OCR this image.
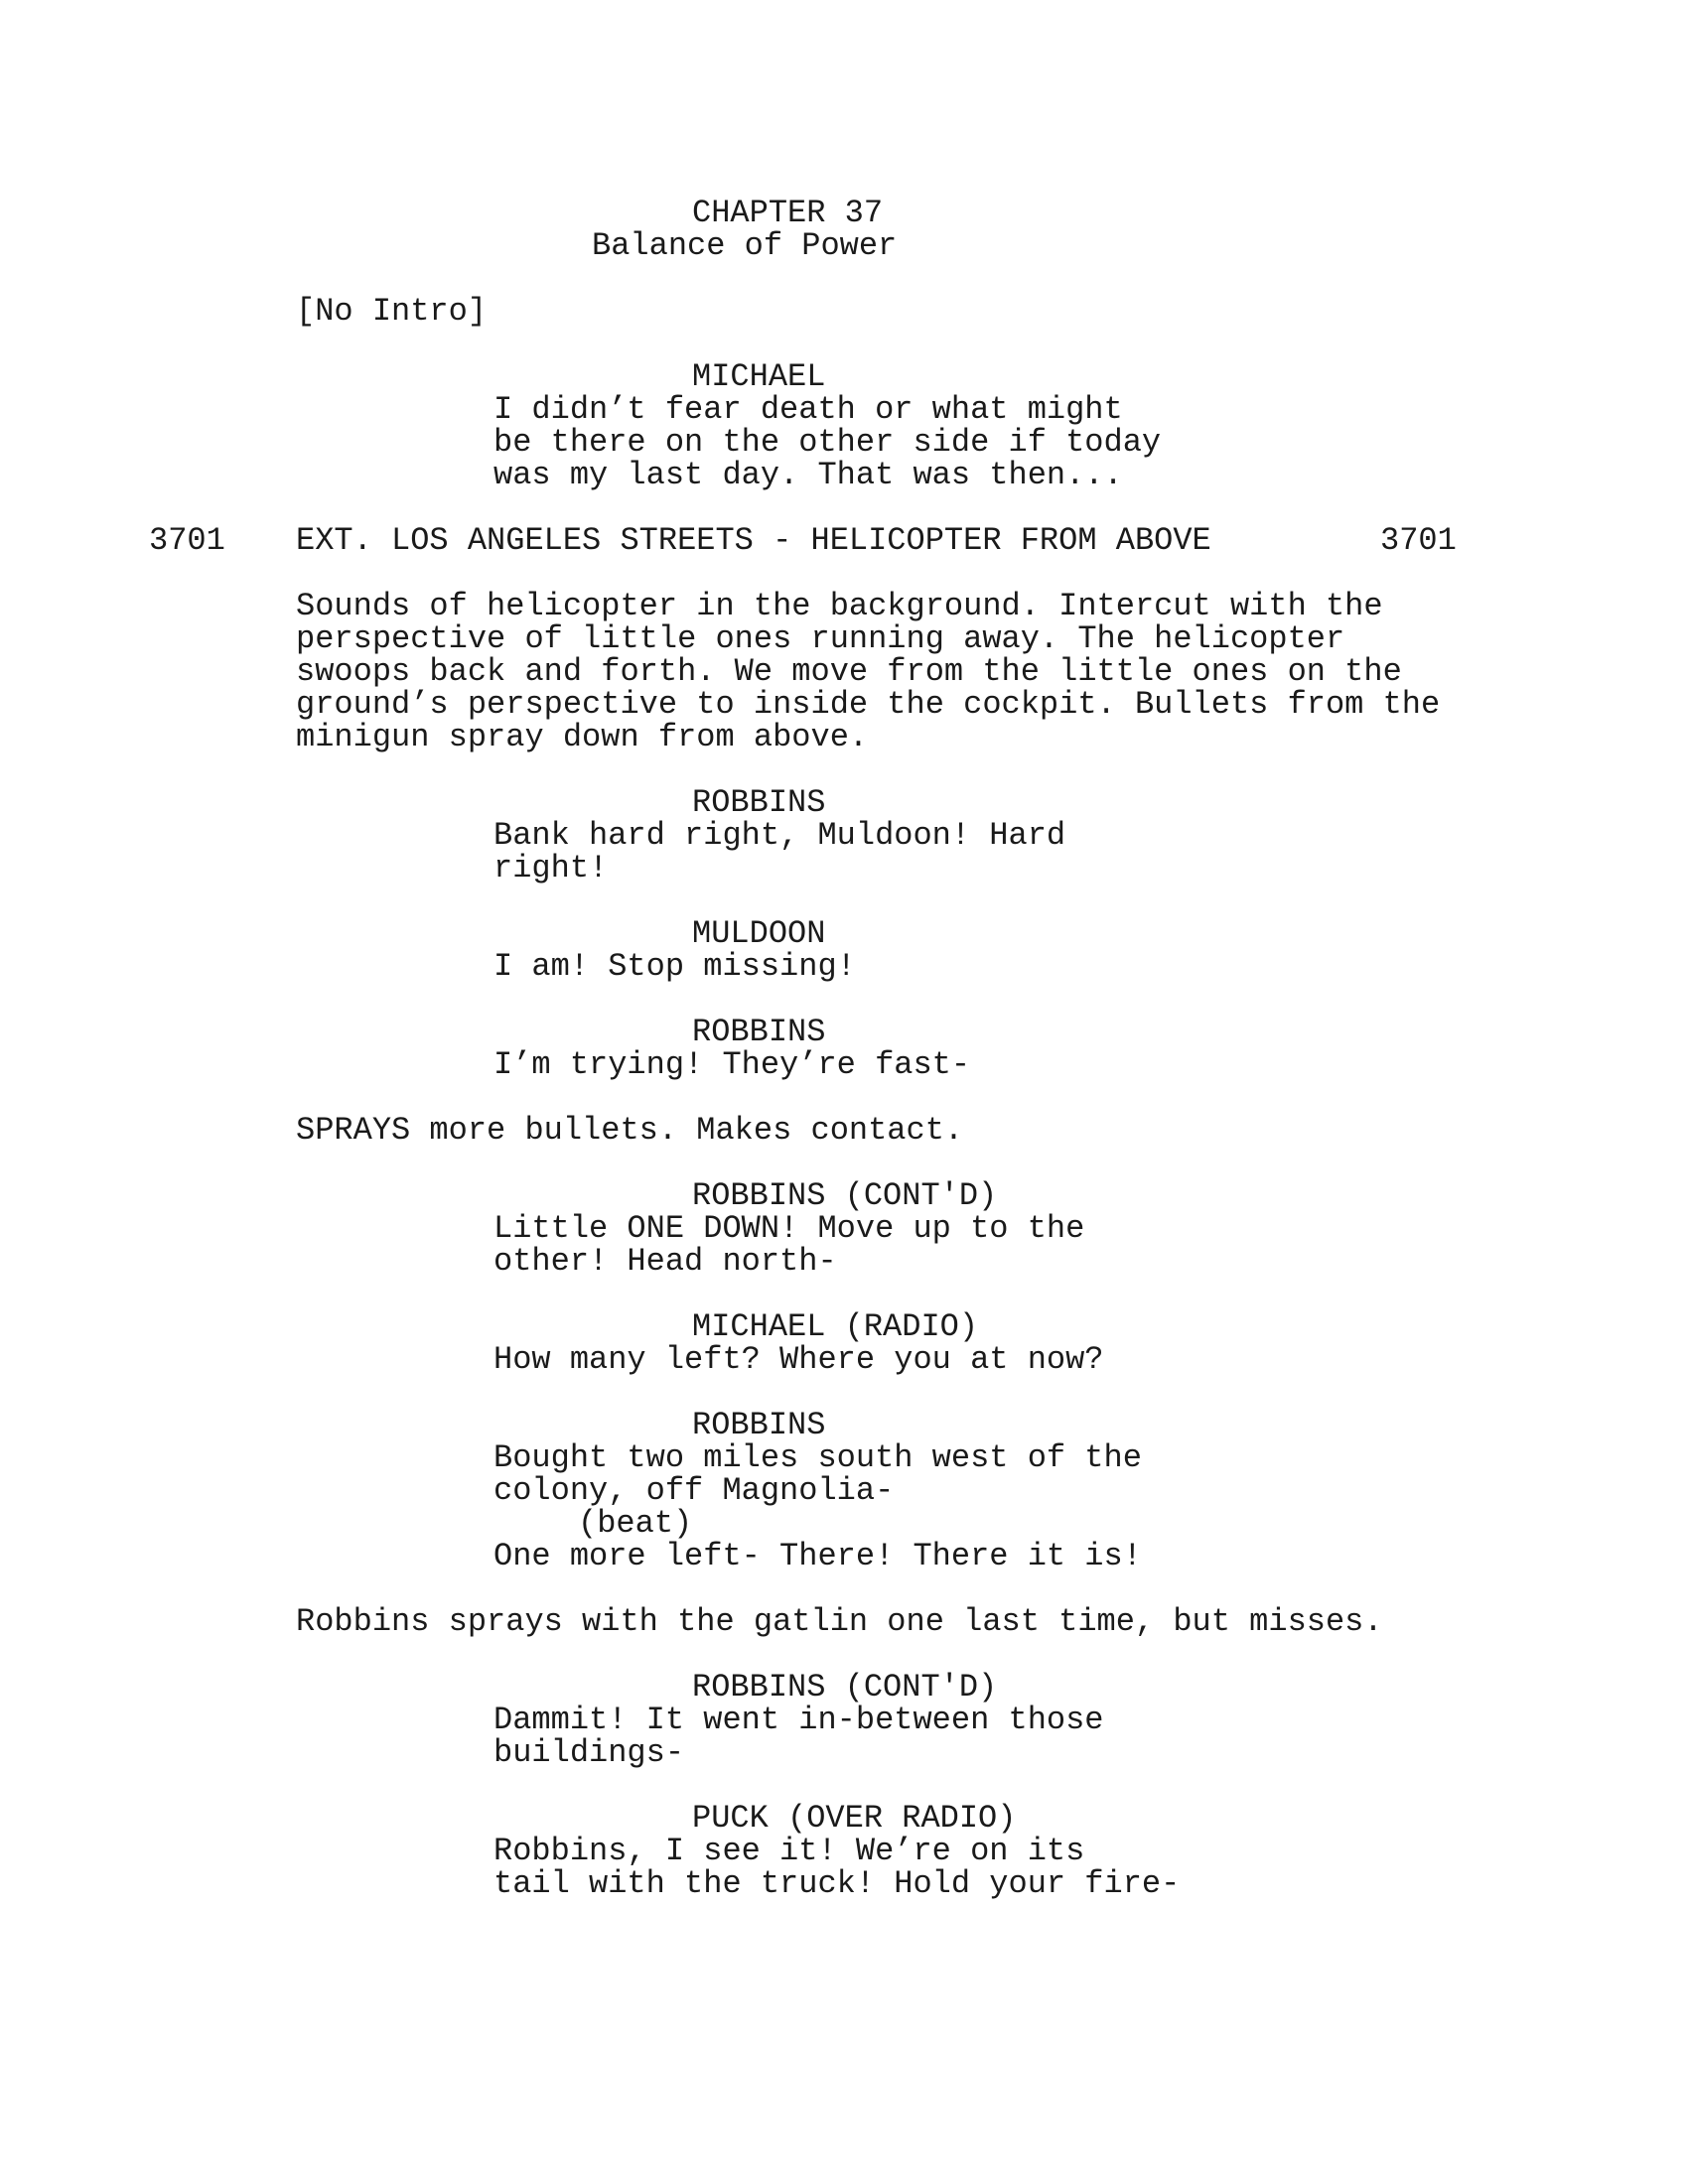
CHAPTER 37
Balance of Power
[No Intro]
MICHAEL
I didn’t fear death or what might
be there on the other side if today
was my last day. That was then...
3701 EXT. LOS ANGELES STREETS - HELICOPTER FROM ABOVE	3701
Sounds of helicopter in the background. Intercut with the
perspective of little ones running away. The helicopter
swoops back and forth. We move from the little ones on the
ground’s perspective to inside the cockpit. Bullets from the
minigun spray down from above.
ROBBINS
Bank hard right, Muldoon! Hard
right!
MULDOON
I am! Stop missing!
ROBBINS
I’m trying! They’re fast-
SPRAYS more bullets. Makes contact.
ROBBINS (CONT'D)
Little ONE DOWN! Move up to the
other! Head north-
MICHAEL (RADIO)
How many left? Where you at now?
ROBBINS
Bought two miles south west of the
colony, off Magnolia-
(beat)
One more left- There! There it is!
Robbins sprays with the gatlin one last time, but misses.
ROBBINS (CONT'D)
Dammit! It went in-between those
buildings-
PUCK (OVER RADIO)
Robbins, I see it! We’re on its
tail with the truck! Hold your fire-
